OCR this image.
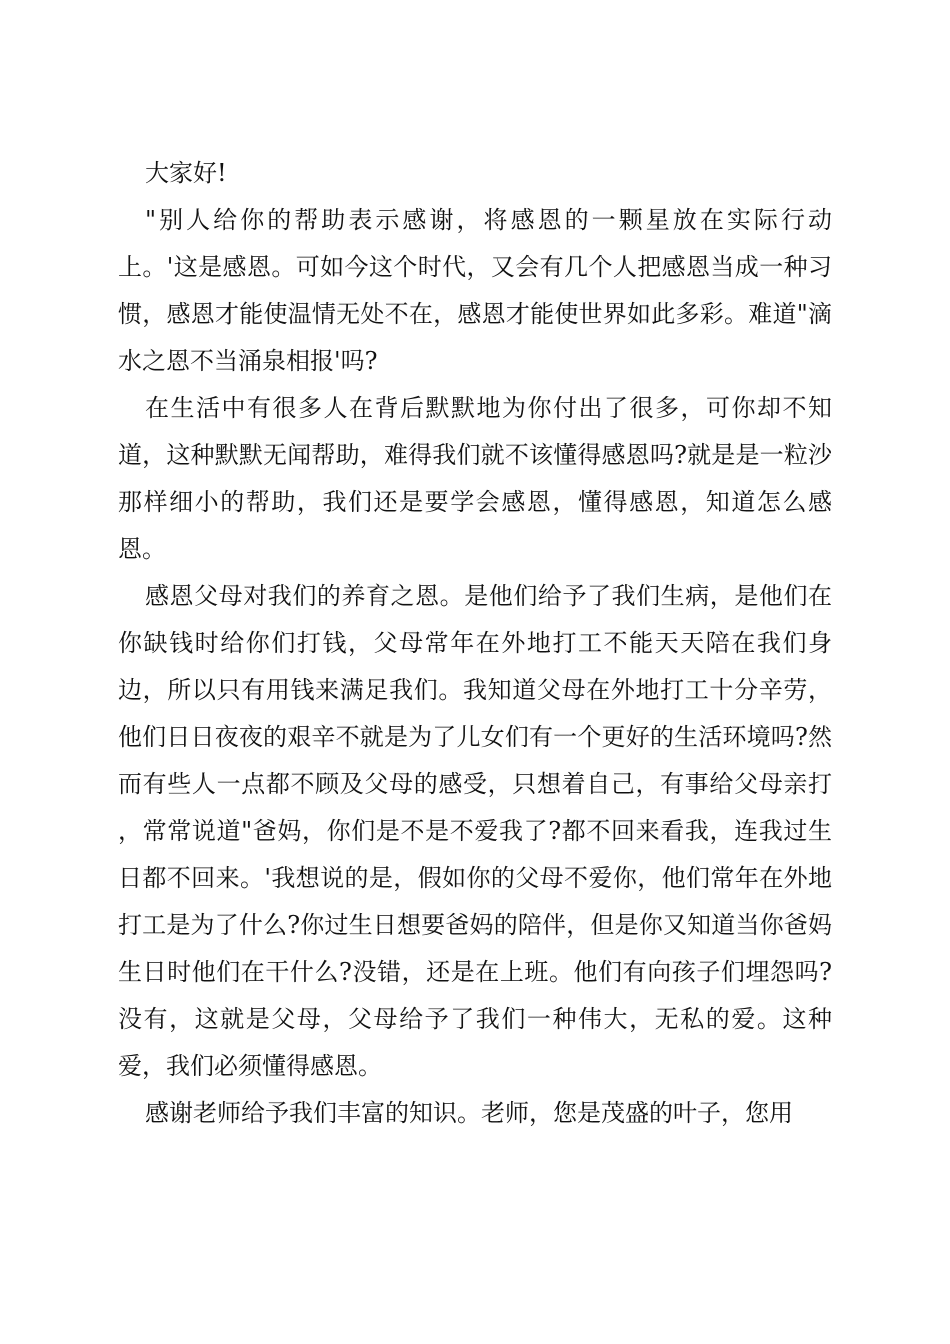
大家好!

"别人给你的帮助表示感谢，将感恩的一颗星放在实际行动上。'这是感恩。可如今这个时代，又会有几个人把感恩当成一种习惯，感恩才能使温情无处不在，感恩才能使世界如此多彩。难道"滴水之恩不当涌泉相报'吗?

在生活中有很多人在背后默默地为你付出了很多，可你却不知道，这种默默无闻帮助，难得我们就不该懂得感恩吗?就是是一粒沙那样细小的帮助，我们还是要学会感恩，懂得感恩，知道怎么感恩。

感恩父母对我们的养育之恩。是他们给予了我们生病，是他们在你缺钱时给你们打钱，父母常年在外地打工不能天天陪在我们身边，所以只有用钱来满足我们。我知道父母在外地打工十分辛劳，他们日日夜夜的艰辛不就是为了儿女们有一个更好的生活环境吗?然而有些人一点都不顾及父母的感受，只想着自己，有事给父母亲打　　，常常说道"爸妈，你们是不是不爱我了?都不回来看我，连我过生日都不回来。'我想说的是，假如你的父母不爱你，他们常年在外地打工是为了什么?你过生日想要爸妈的陪伴，但是你又知道当你爸妈生日时他们在干什么?没错，还是在上班。他们有向孩子们埋怨吗?没有，这就是父母，父母给予了我们一种伟大，无私的爱。这种爱，我们必须懂得感恩。

感谢老师给予我们丰富的知识。老师，您是茂盛的叶子，您用
